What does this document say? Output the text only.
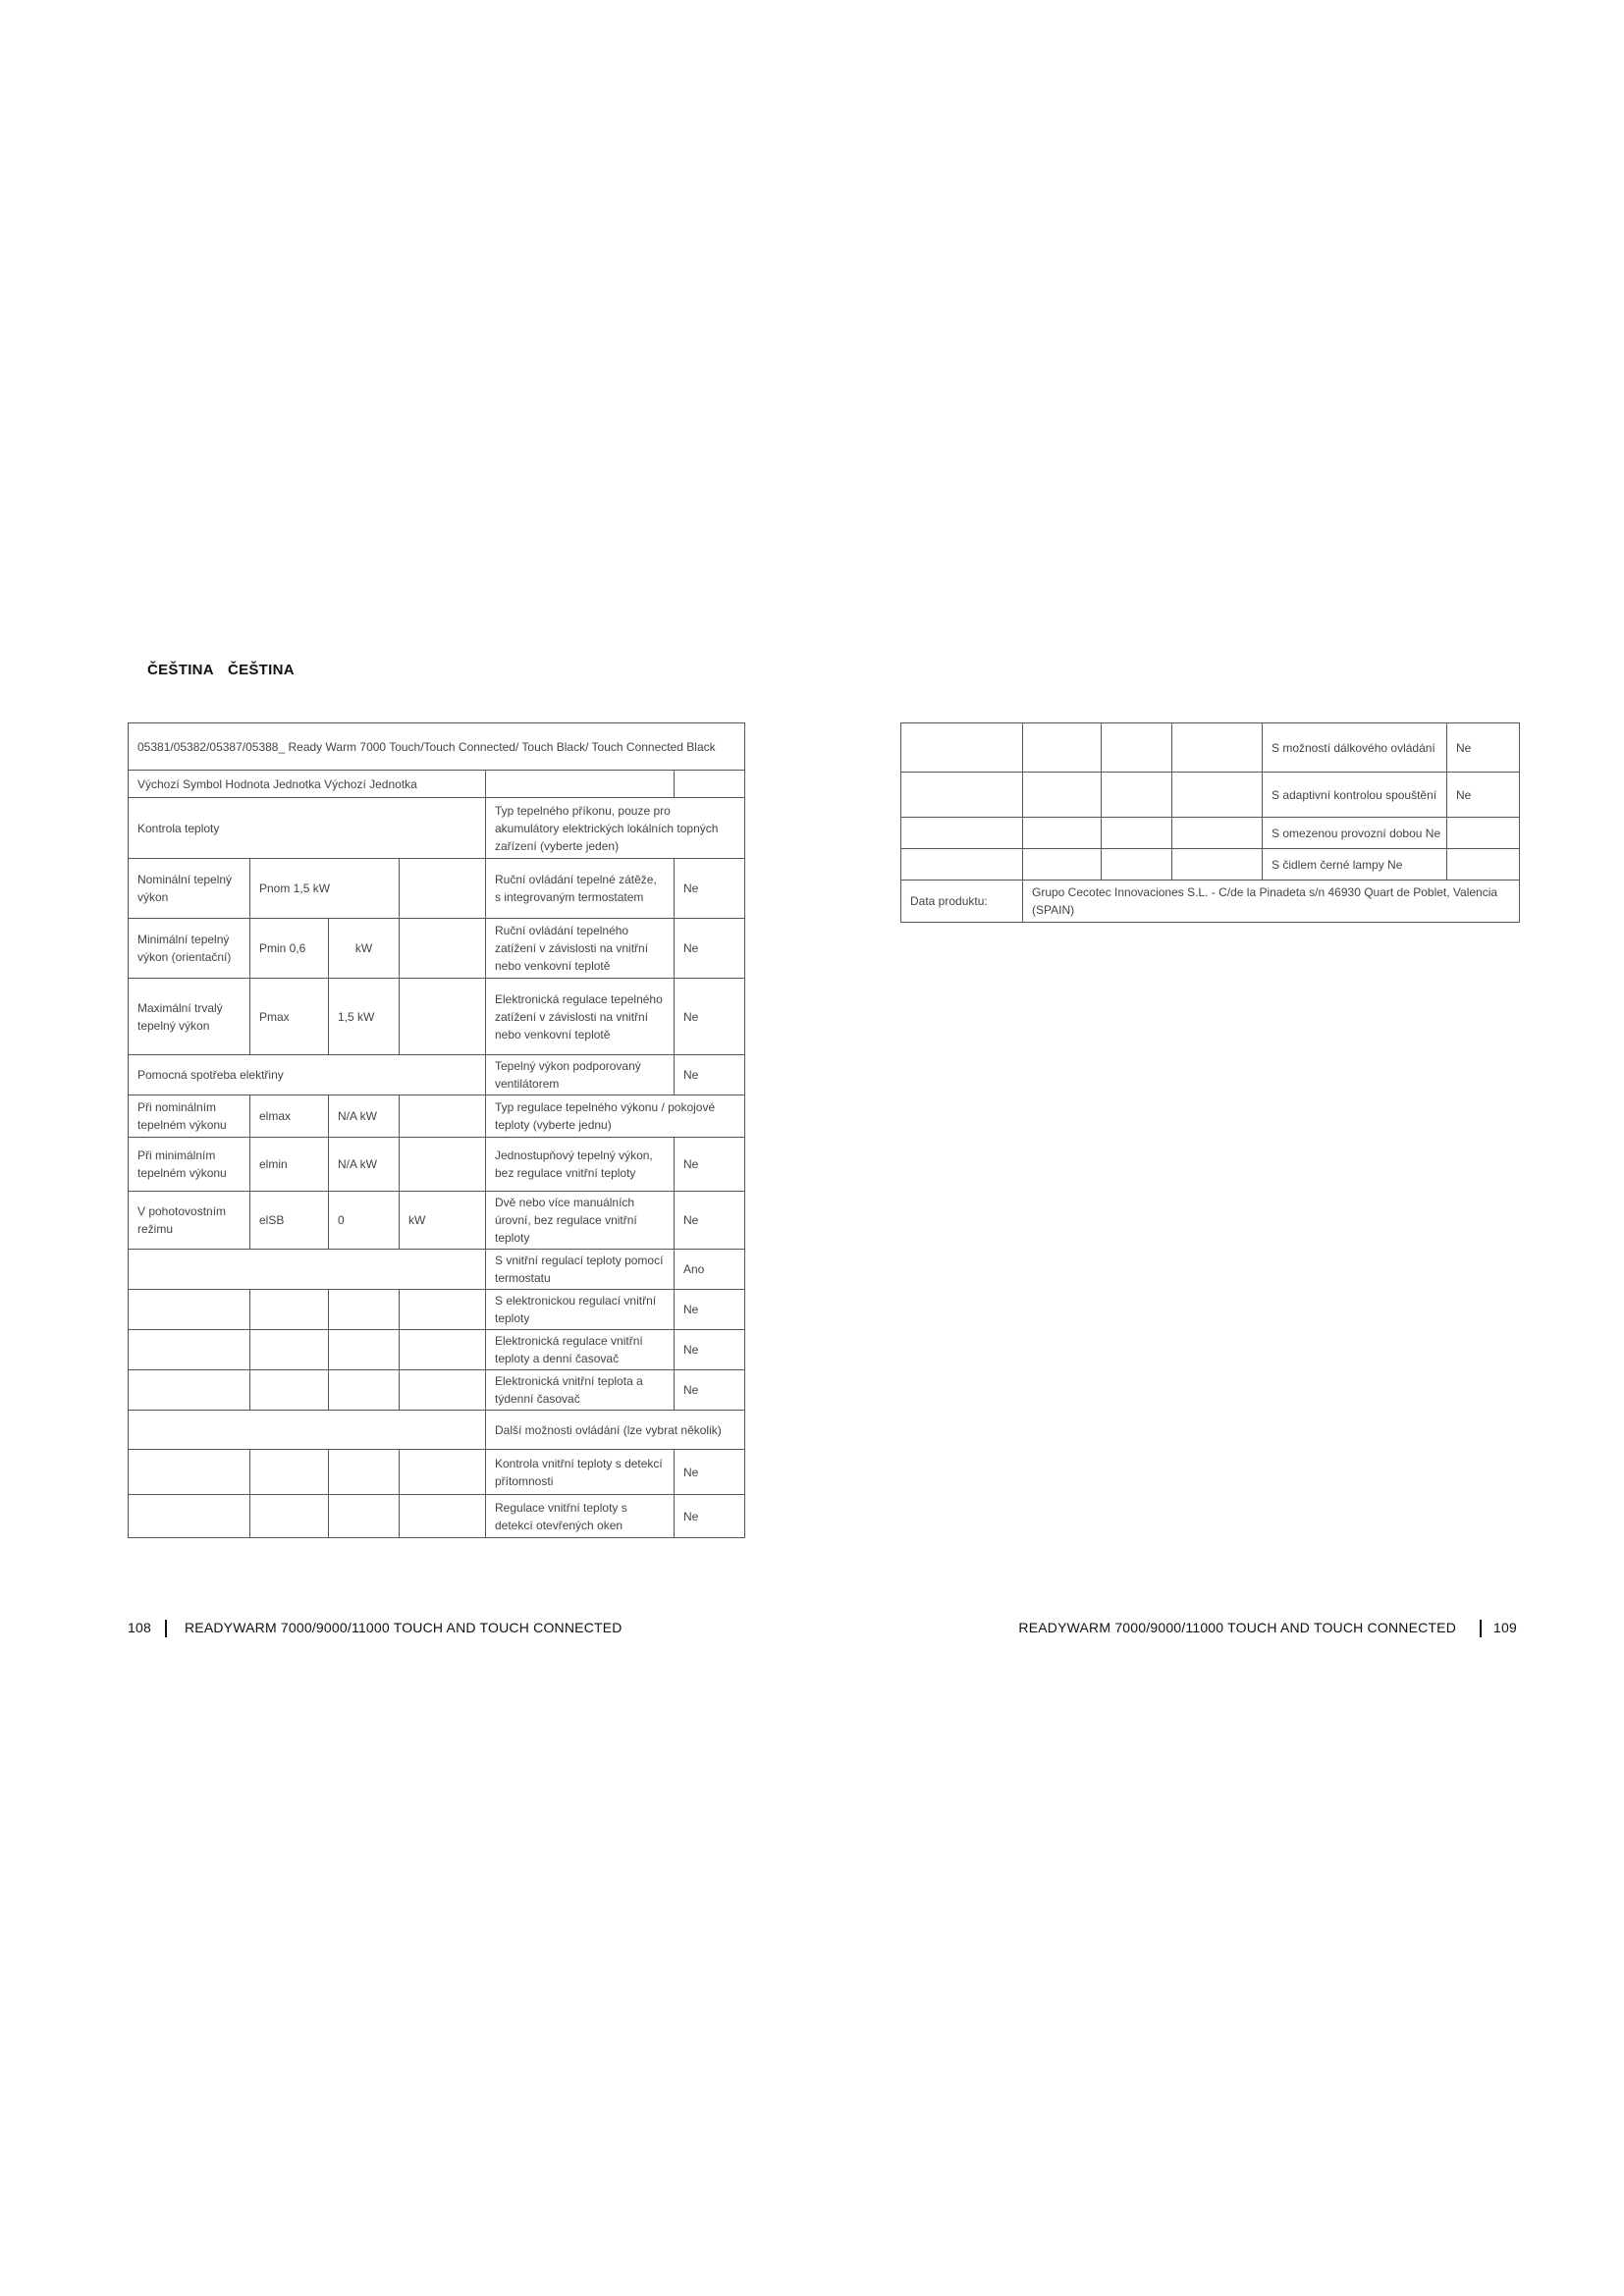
ČEŠTINA ČEŠTINA
05381/05382/05387/05388_ Ready Warm 7000 Touch/Touch Connected/ Touch Black/ Touch Connected Black					
Výchozí Symbol Hodnota Jednotka Výchozí Jednotka					
Kontrola teploty				Typ tepelného příkonu, pouze pro akumulátory elektrických lokálních topných zařízení (vyberte jeden)	
Nominální tepelný výkon	Pnom 1,5 kW			Ruční ovládání tepelné zátěže, s integrovaným termostatem	Ne
Minimální tepelný výkon (orientační)	Pmin 0,6	kW		Ruční ovládání tepelného zatížení v závislosti na vnitřní nebo venkovní teplotě	Ne
Maximální trvalý tepelný výkon	Pmax	1,5 kW		Elektronická regulace tepelného zatížení v závislosti na vnitřní nebo venkovní teplotě	Ne
Pomocná spotřeba elektřiny				Tepelný výkon podporovaný ventilátorem	Ne
Při nominálním tepelném výkonu	elmax	N/A kW		Typ regulace tepelného výkonu / pokojové teploty (vyberte jednu)	
Při minimálním tepelném výkonu	elmin	N/A kW		Jednostupňový tepelný výkon, bez regulace vnitřní teploty	Ne
V pohotovostním režimu	elSB	0	kW	Dvě nebo více manuálních úrovní, bez regulace vnitřní teploty	Ne
				S vnitřní regulací teploty pomocí termostatu	Ano
				S elektronickou regulací vnitřní teploty	Ne
				Elektronická regulace vnitřní teploty a denní časovač	Ne
				Elektronická vnitřní teplota a týdenní časovač	Ne
				Další možnosti ovládání (lze vybrat několik)	
				Kontrola vnitřní teploty s detekcí přítomnosti	Ne
				Regulace vnitřní teploty s detekcí otevřených oken	Ne
				S možností dálkového ovládání	Ne
				S adaptivní kontrolou spouštění	Ne
				S omezenou provozní dobou Ne	
				S čidlem černé lampy Ne	
Data produktu:	Grupo Cecotec Innovaciones S.L. - C/de la Pinadeta s/n 46930 Quart de Poblet, Valencia (SPAIN)				
108 READYWARM 7000/9000/11000 TOUCH AND TOUCH CONNECTED	READYWARM 7000/9000/11000 TOUCH AND TOUCH CONNECTED	109
